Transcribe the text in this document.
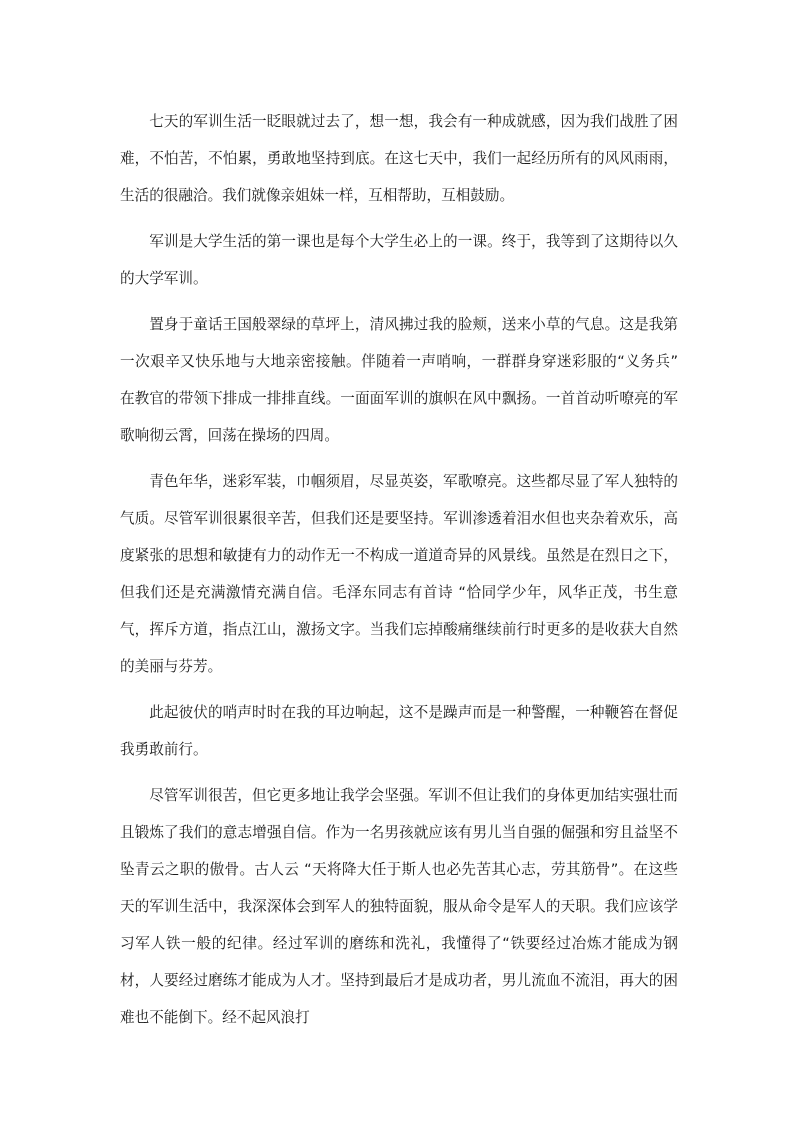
七天的军训生活一眨眼就过去了，想一想，我会有一种成就感，因为我们战胜了困难，不怕苦，不怕累，勇敢地坚持到底。在这七天中，我们一起经历所有的风风雨雨，生活的很融洽。我们就像亲姐妹一样，互相帮助，互相鼓励。

军训是大学生活的第一课也是每个大学生必上的一课。终于，我等到了这期待以久的大学军训。

置身于童话王国般翠绿的草坪上，清风拂过我的脸颊，送来小草的气息。这是我第一次艰辛又快乐地与大地亲密接触。伴随着一声哨响，一群群身穿迷彩服的“义务兵” 在教官的带领下排成一排排直线。一面面军训的旗帜在风中飘扬。一首首动听嘹亮的军歌响彻云霄，回荡在操场的四周。

青色年华，迷彩军装，巾帼须眉，尽显英姿，军歌嘹亮。这些都尽显了军人独特的气质。尽管军训很累很辛苦，但我们还是要坚持。军训渗透着泪水但也夹杂着欢乐，高度紧张的思想和敏捷有力的动作无一不构成一道道奇异的风景线。虽然是在烈日之下，但我们还是充满激情充满自信。毛泽东同志有首诗 “恰同学少年，风华正茂，书生意气，挥斥方道，指点江山，激扬文字。当我们忘掉酸痛继续前行时更多的是收获大自然的美丽与芬芳。

此起彼伏的哨声时时在我的耳边响起，这不是躁声而是一种警醒，一种鞭笞在督促我勇敢前行。

尽管军训很苦，但它更多地让我学会坚强。军训不但让我们的身体更加结实强壮而且锻炼了我们的意志增强自信。作为一名男孩就应该有男儿当自强的倔强和穷且益坚不坠青云之职的傲骨。古人云 “天将降大任于斯人也必先苦其心志，劳其筋骨”。在这些天的军训生活中，我深深体会到军人的独特面貌，服从命令是军人的天职。我们应该学习军人铁一般的纪律。经过军训的磨练和洗礼，我懂得了“铁要经过冶炼才能成为钢材，人要经过磨练才能成为人才。坚持到最后才是成功者，男儿流血不流泪，再大的困难也不能倒下。经不起风浪打
